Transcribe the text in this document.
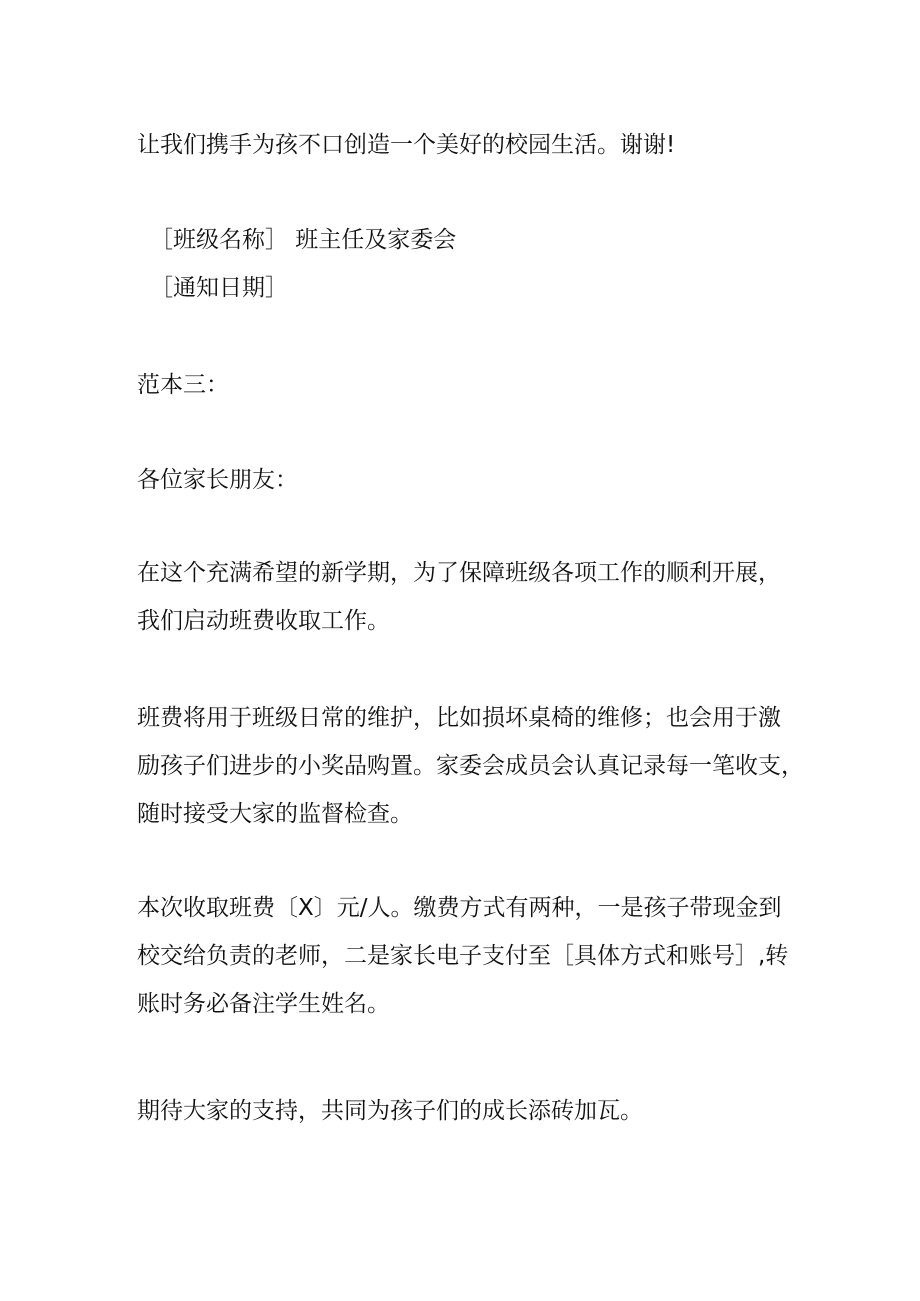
让我们携手为孩不口创造一个美好的校园生活。谢谢!
［班级名称］ 班主任及家委会
［通知日期］
范本三：
各位家长朋友：
在这个充满希望的新学期，为了保障班级各项工作的顺利开展，
我们启动班费收取工作。
班费将用于班级日常的维护，比如损坏桌椅的维修；也会用于激
励孩子们进步的小奖品购置。家委会成员会认真记录每一笔收支，
随时接受大家的监督检查。
本次收取班费〔X〕元/人。缴费方式有两种，一是孩子带现金到
校交给负责的老师，二是家长电子支付至［具体方式和账号］,转
账时务必备注学生姓名。
期待大家的支持，共同为孩子们的成长添砖加瓦。
